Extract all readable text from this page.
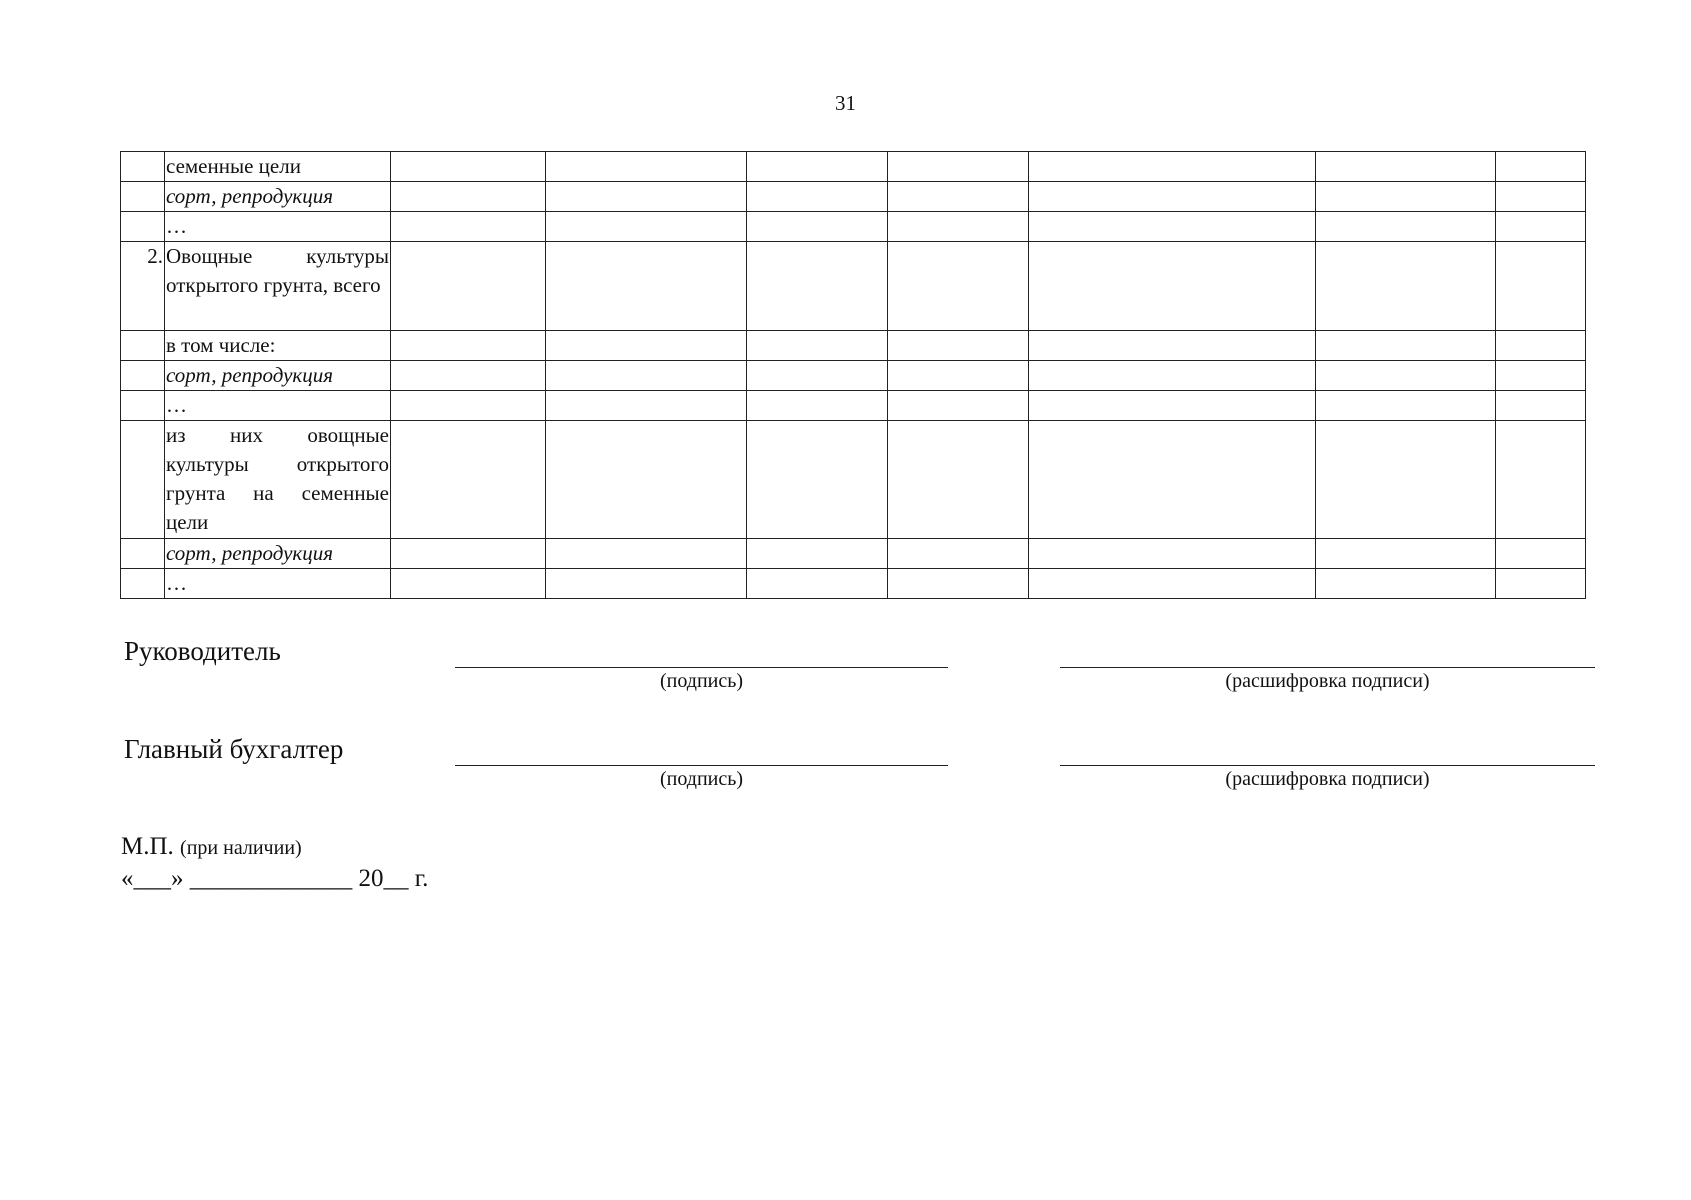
31
	семенные цели							
	сорт, репродукция							
	…							
2.	Овощные культуры открытого грунта, всего							
	в том числе:							
	сорт, репродукция							
	…							
	из них овощные культуры открытого грунта на семенные цели							
	сорт, репродукция							
	…							
Руководитель
(подпись)	(расшифровка подписи)
Главный бухгалтер
(подпись)	(расшифровка подписи)
М.П. (при наличии)
«___» _____________ 20__ г.
